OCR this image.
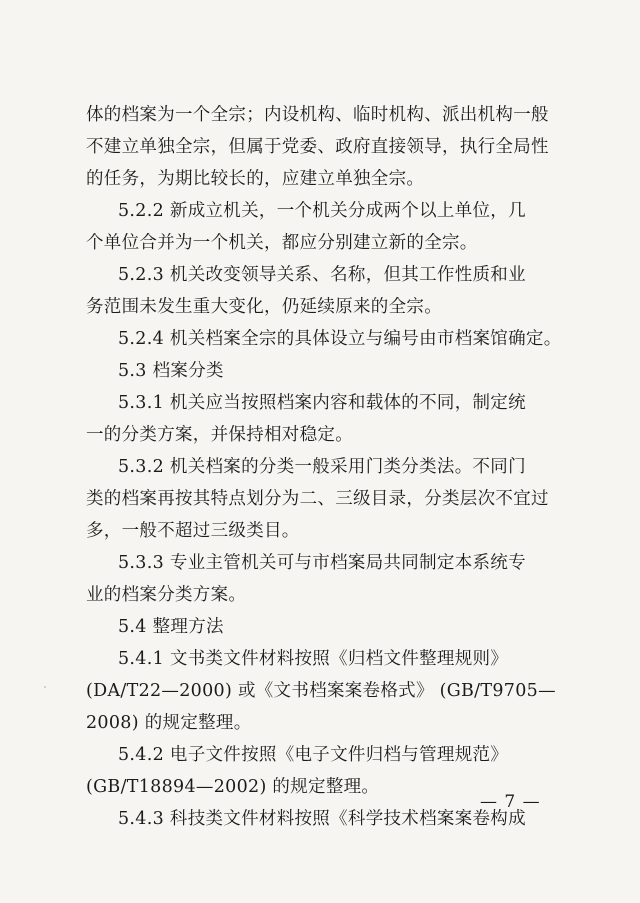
体的档案为一个全宗；内设机构、临时机构、派出机构一般
不建立单独全宗，但属于党委、政府直接领导，执行全局性
的任务，为期比较长的，应建立单独全宗。
5.2.2 新成立机关，一个机关分成两个以上单位，几
个单位合并为一个机关，都应分别建立新的全宗。
5.2.3 机关改变领导关系、名称，但其工作性质和业
务范围未发生重大变化，仍延续原来的全宗。
5.2.4 机关档案全宗的具体设立与编号由市档案馆确定。
5.3 档案分类
5.3.1 机关应当按照档案内容和载体的不同，制定统
一的分类方案，并保持相对稳定。
5.3.2 机关档案的分类一般采用门类分类法。不同门
类的档案再按其特点划分为二、三级目录，分类层次不宜过
多，一般不超过三级类目。
5.3.3 专业主管机关可与市档案局共同制定本系统专
业的档案分类方案。
5.4 整理方法
5.4.1 文书类文件材料按照《归档文件整理规则》
(DA/T22—2000) 或《文书档案案卷格式》 (GB/T9705—
2008) 的规定整理。
5.4.2 电子文件按照《电子文件归档与管理规范》
(GB/T18894—2002) 的规定整理。
5.4.3 科技类文件材料按照《科学技术档案案卷构成
— 7 —
